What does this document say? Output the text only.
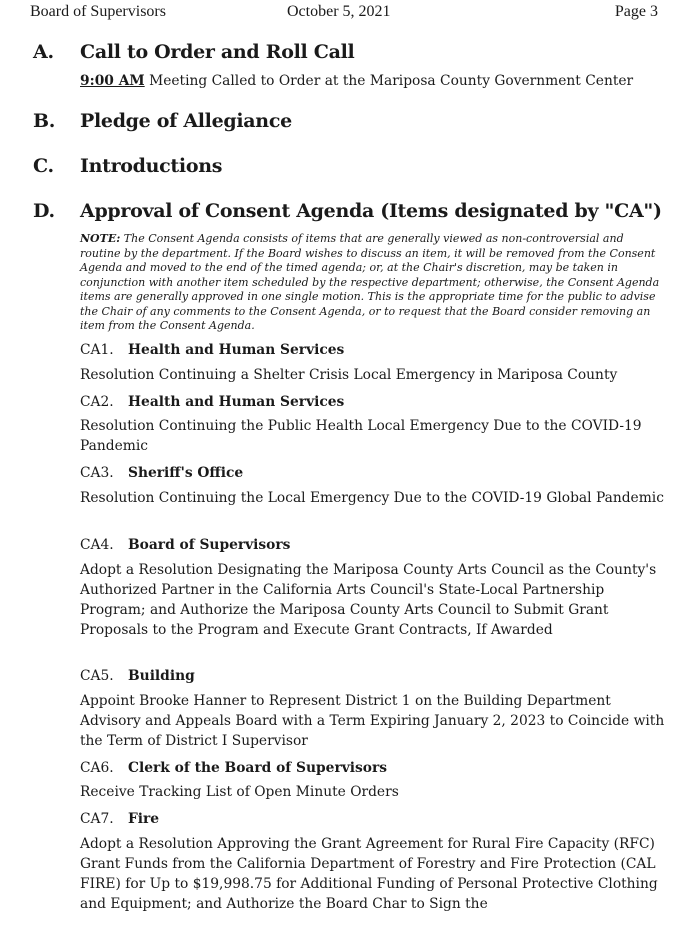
Board of Supervisors	October 5, 2021	Page 3
A. Call to Order and Roll Call
9:00 AM Meeting Called to Order at the Mariposa County Government Center
B. Pledge of Allegiance
C. Introductions
D. Approval of Consent Agenda (Items designated by "CA")
NOTE: The Consent Agenda consists of items that are generally viewed as non-controversial and routine by the department. If the Board wishes to discuss an item, it will be removed from the Consent Agenda and moved to the end of the timed agenda; or, at the Chair's discretion, may be taken in conjunction with another item scheduled by the respective department; otherwise, the Consent Agenda items are generally approved in one single motion. This is the appropriate time for the public to advise the Chair of any comments to the Consent Agenda, or to request that the Board consider removing an item from the Consent Agenda.
CA1. Health and Human Services
Resolution Continuing a Shelter Crisis Local Emergency in Mariposa County
CA2. Health and Human Services
Resolution Continuing the Public Health Local Emergency Due to the COVID-19 Pandemic
CA3. Sheriff's Office
Resolution Continuing the Local Emergency Due to the COVID-19 Global Pandemic
CA4. Board of Supervisors
Adopt a Resolution Designating the Mariposa County Arts Council as the County's Authorized Partner in the California Arts Council's State-Local Partnership Program; and Authorize the Mariposa County Arts Council to Submit Grant Proposals to the Program and Execute Grant Contracts, If Awarded
CA5. Building
Appoint Brooke Hanner to Represent District 1 on the Building Department Advisory and Appeals Board with a Term Expiring January 2, 2023 to Coincide with the Term of District I Supervisor
CA6. Clerk of the Board of Supervisors
Receive Tracking List of Open Minute Orders
CA7. Fire
Adopt a Resolution Approving the Grant Agreement for Rural Fire Capacity (RFC) Grant Funds from the California Department of Forestry and Fire Protection (CAL FIRE) for Up to $19,998.75 for Additional Funding of Personal Protective Clothing and Equipment; and Authorize the Board Char to Sign the
